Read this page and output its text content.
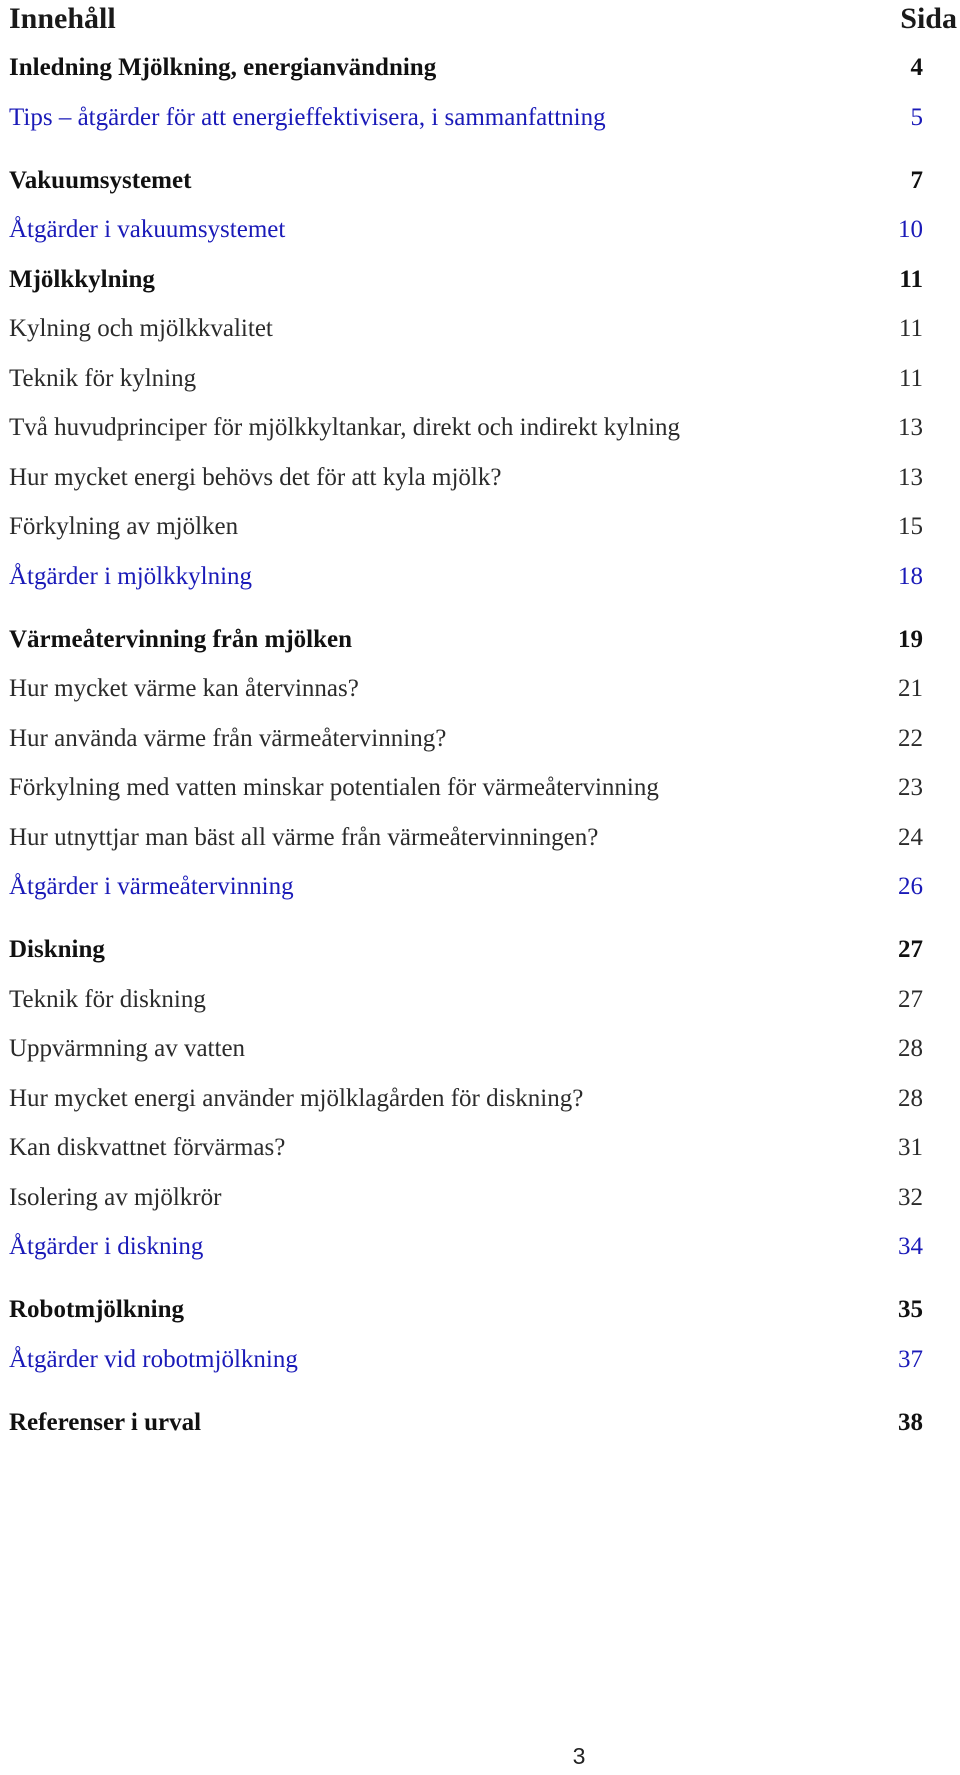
Innehåll	Sida
Inledning Mjölkning, energianvändning	4
Tips – åtgärder för att energieffektivisera, i sammanfattning	5
Vakuumsystemet	7
Åtgärder i vakuumsystemet	10
Mjölkkylning	11
Kylning och mjölkkvalitet	11
Teknik för kylning	11
Två huvudprinciper för mjölkkyltankar, direkt och indirekt kylning	13
Hur mycket energi behövs det för att kyla mjölk?	13
Förkylning av mjölken	15
Åtgärder i mjölkkylning	18
Värmeåtervinning från mjölken	19
Hur mycket värme kan återvinnas?	21
Hur använda värme från värmeåtervinning?	22
Förkylning med vatten minskar potentialen för värmeåtervinning	23
Hur utnyttjar man bäst all värme från värmeåtervinningen?	24
Åtgärder i värmeåtervinning	26
Diskning	27
Teknik för diskning	27
Uppvärmning av vatten	28
Hur mycket energi använder mjölklagården för diskning?	28
Kan diskvattnet förvärmas?	31
Isolering av mjölkrör	32
Åtgärder i diskning	34
Robotmjölkning	35
Åtgärder vid robotmjölkning	37
Referenser i urval	38
3
